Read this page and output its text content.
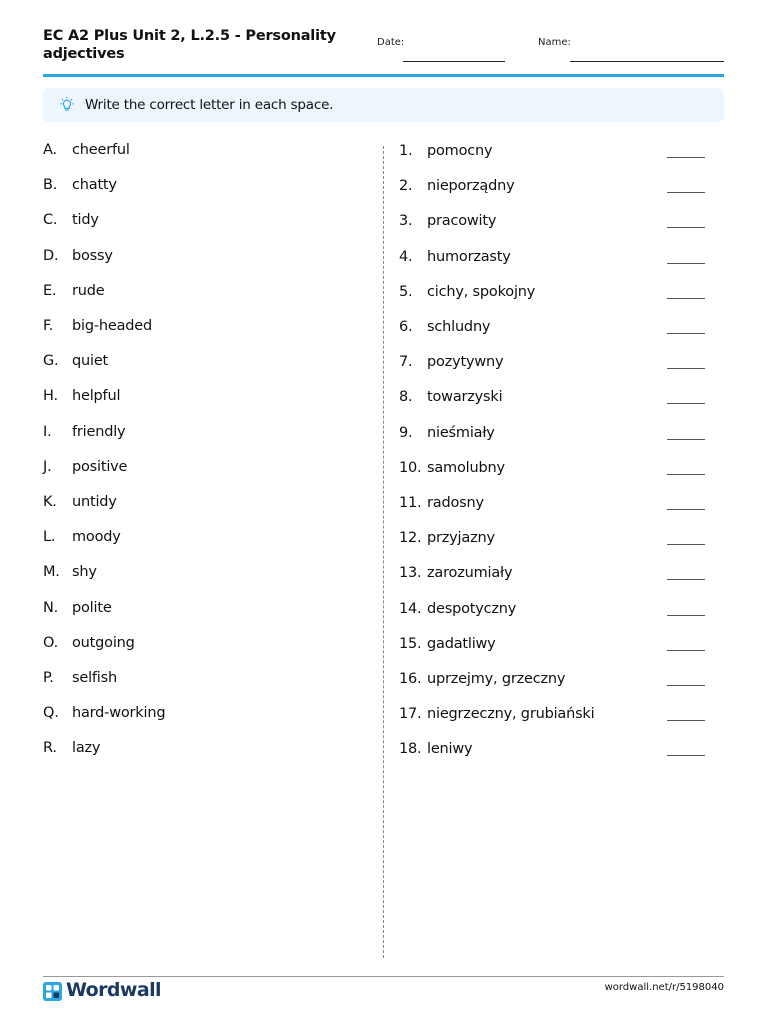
EC A2 Plus Unit 2, L.2.5 - Personality adjectives
Date:	Name:
Write the correct letter in each space.
A. cheerful
B. chatty
C. tidy
D. bossy
E. rude
F. big-headed
G. quiet
H. helpful
I. friendly
J. positive
K. untidy
L. moody
M. shy
N. polite
O. outgoing
P. selfish
Q. hard-working
R. lazy
1. pomocny
2. nieporządny
3. pracowity
4. humorzasty
5. cichy, spokojny
6. schludny
7. pozytywny
8. towarzyski
9. nieśmiały
10. samolubny
11. radosny
12. przyjazny
13. zarozumiały
14. despotyczny
15. gadatliwy
16. uprzejmy, grzeczny
17. niegrzeczny, grubiański
18. leniwy
Wordwall	wordwall.net/r/5198040
